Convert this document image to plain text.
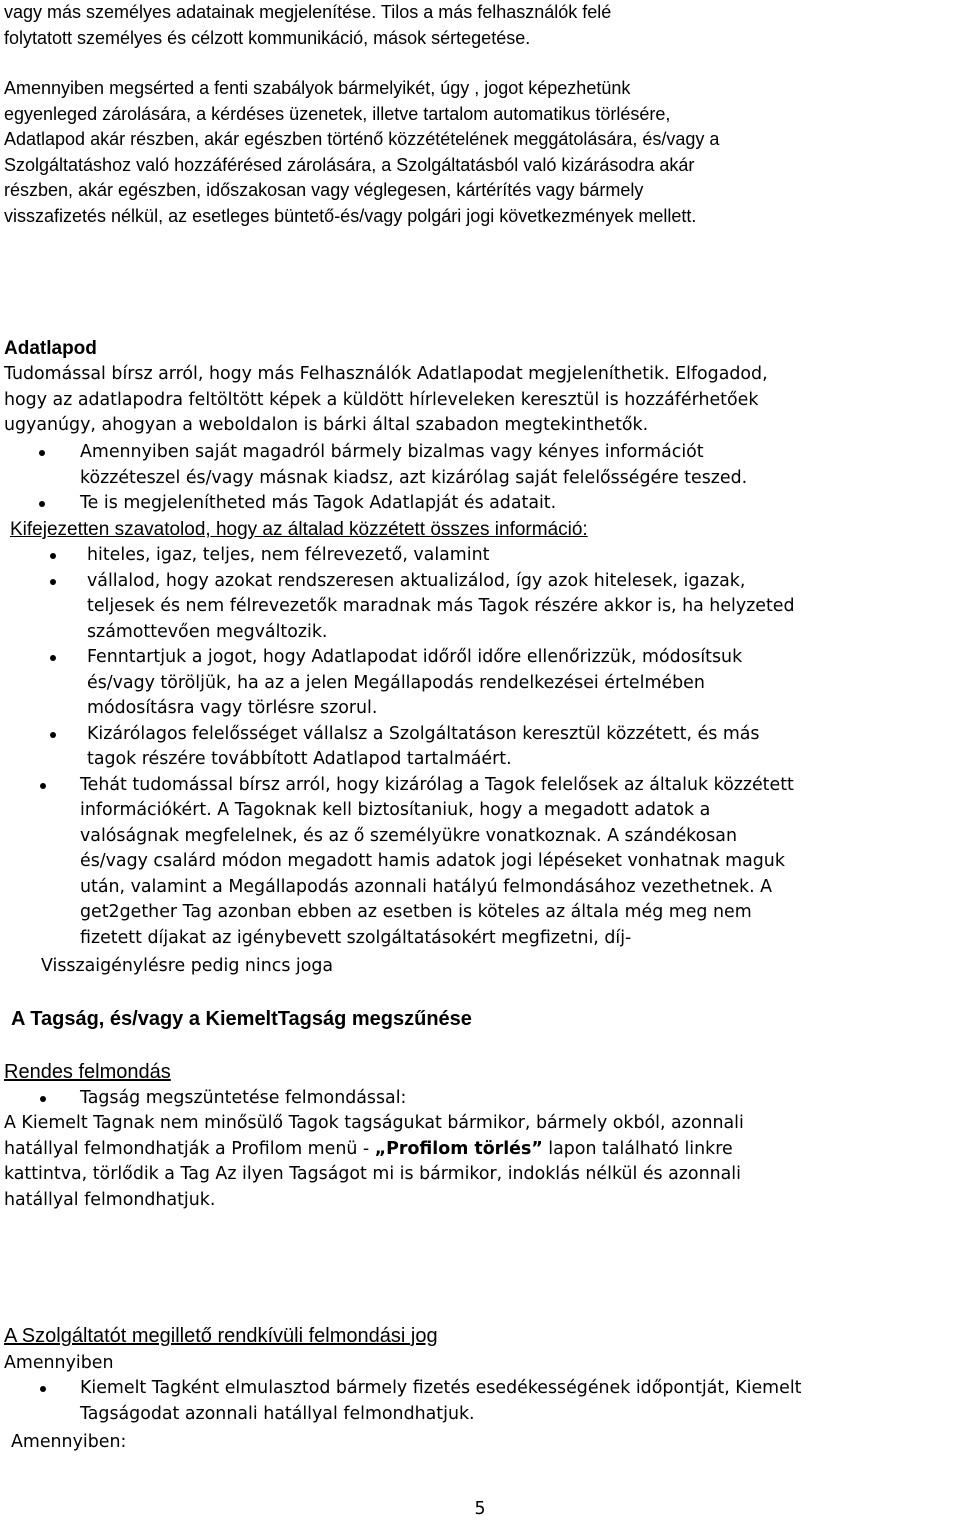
vagy más személyes adatainak megjelenítése. Tilos a más felhasználók felé
folytatott személyes és célzott kommunikáció, mások sértegetése.
Amennyiben megsérted a fenti szabályok bármelyikét, úgy , jogot képezhetünk
egyenleged zárolására, a kérdéses üzenetek, illetve tartalom automatikus törlésére,
Adatlapod akár részben, akár egészben történő közzétételének meggátolására, és/vagy a
Szolgáltatáshoz való hozzáférésed zárolására, a Szolgáltatásból való kizárásodra akár
részben, akár egészben, időszakosan vagy véglegesen, kártérítés vagy bármely
visszafizetés nélkül, az esetleges büntető-és/vagy polgári jogi következmények mellett.
Adatlapod
Tudomással bírsz arról, hogy más Felhasználók Adatlapodat megjeleníthetik. Elfogadod,
hogy az adatlapodra feltöltött képek a küldött hírleveleken keresztül is hozzáférhetőek
ugyanúgy, ahogyan a weboldalon is bárki által szabadon megtekinthetők.
Amennyiben saját magadról bármely bizalmas vagy kényes információt
közzéteszel és/vagy másnak kiadsz, azt kizárólag saját felelősségére teszed.
Te is megjelenítheted más Tagok Adatlapját és adatait.
Kifejezetten szavatolod, hogy az általad közzétett összes információ:
hiteles, igaz, teljes, nem félrevezető, valamint
vállalod, hogy azokat rendszeresen aktualizálod, így azok hitelesek, igazak,
teljesek és nem félrevezetők maradnak más Tagok részére akkor is, ha helyzeted
számottevően megváltozik.
Fenntartjuk a jogot, hogy Adatlapodat időről időre ellenőrizzük, módosítsuk
és/vagy töröljük, ha az a jelen Megállapodás rendelkezései értelmében
módosításra vagy törlésre szorul.
Kizárólagos felelősséget vállalsz a Szolgáltatáson keresztül közzétett, és más
tagok részére továbbított Adatlapod tartalmáért.
Tehát tudomással bírsz arról, hogy kizárólag a Tagok felelősek az általuk közzétett
információkért. A Tagoknak kell biztosítaniuk, hogy a megadott adatok a
valóságnak megfelelnek, és az ő személyükre vonatkoznak. A szándékosan
és/vagy csalárd módon megadott hamis adatok jogi lépéseket vonhatnak maguk
után, valamint a Megállapodás azonnali hatályú felmondásához vezethetnek. A
get2gether Tag azonban ebben az esetben is köteles az általa még meg nem
fizetett díjakat az igénybevett szolgáltatásokért megfizetni, díj-
Visszaigénylésre pedig nincs joga
A Tagság, és/vagy a KiemeltTagság megszűnése
Rendes felmondás
Tagság megszüntetése felmondással:
A Kiemelt Tagnak nem minősülő Tagok tagságukat bármikor, bármely okból, azonnali
hatállyal felmondhatják a Profilom menü - „Profilom törlés” lapon található linkre
kattintva, törlődik a Tag Az ilyen Tagságot mi is bármikor, indoklás nélkül és azonnali
hatállyal felmondhatjuk.
A Szolgáltatót megillető rendkívüli felmondási jog
Amennyiben
Kiemelt Tagként elmulasztod bármely fizetés esedékességének időpontját, Kiemelt
Tagságodat azonnali hatállyal felmondhatjuk.
Amennyiben:
5
